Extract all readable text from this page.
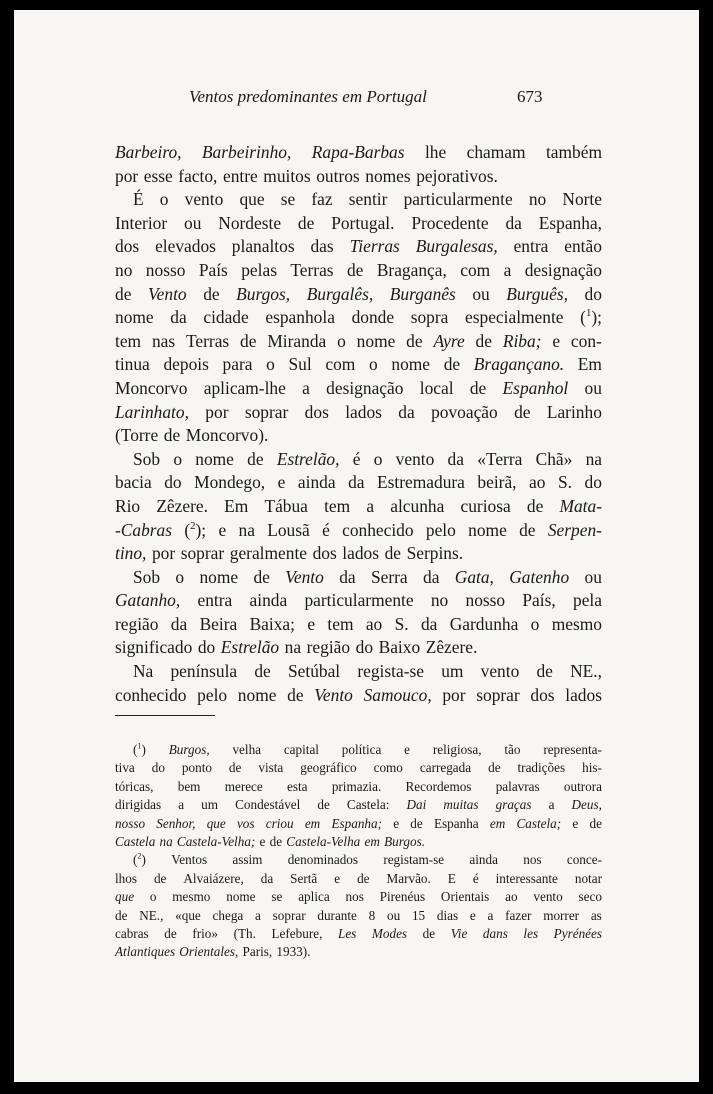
Ventos predominantes em Portugal	673
Barbeiro, Barbeirinho, Rapa-Barbas lhe chamam também
por esse facto, entre muitos outros nomes pejorativos.
É o vento que se faz sentir particularmente no Norte
Interior ou Nordeste de Portugal. Procedente da Espanha,
dos elevados planaltos das Tierras Burgalesas, entra então
no nosso País pelas Terras de Bragança, com a designação
de Vento de Burgos, Burgalês, Burganês ou Burguês, do
nome da cidade espanhola donde sopra especialmente ($^1$);
tem nas Terras de Miranda o nome de Ayre de Riba; e con-
tinua depois para o Sul com o nome de Bragançano. Em
Moncorvo aplicam-lhe a designação local de Espanhol ou
Larinhato, por soprar dos lados da povoação de Larinho
(Torre de Moncorvo).
Sob o nome de Estrelão, é o vento da «Terra Chã» na
bacia do Mondego, e ainda da Estremadura beirã, ao S. do
Rio Zêzere. Em Tábua tem a alcunha curiosa de Mata-
-Cabras ($^2$); e na Lousã é conhecido pelo nome de Serpen-
tino, por soprar geralmente dos lados de Serpins.
Sob o nome de Vento da Serra da Gata, Gatenho ou
Gatanho, entra ainda particularmente no nosso País, pela
região da Beira Baixa; e tem ao S. da Gardunha o mesmo
significado do Estrelão na região do Baixo Zêzere.
Na península de Setúbal regista-se um vento de NE.,
conhecido pelo nome de Vento Samouco, por soprar dos lados
($^1$) Burgos, velha capital política e religiosa, tão representa-
tiva do ponto de vista geográfico como carregada de tradições his-
tóricas, bem merece esta primazia. Recordemos palavras outrora
dirigidas a um Condestável de Castela: Dai muitas graças a Deus,
nosso Senhor, que vos criou em Espanha; e de Espanha em Castela; e de
Castela na Castela-Velha; e de Castela-Velha em Burgos.
($^2$) Ventos assim denominados registam-se ainda nos conce-
lhos de Alvaiázere, da Sertã e de Marvão. E é interessante notar
que o mesmo nome se aplica nos Pirenéus Orientais ao vento seco
de NE., «que chega a soprar durante 8 ou 15 dias e a fazer morrer as
cabras de frio» (Th. Lefebure, Les Modes de Vie dans les Pyrénées
Atlantiques Orientales, Paris, 1933).
